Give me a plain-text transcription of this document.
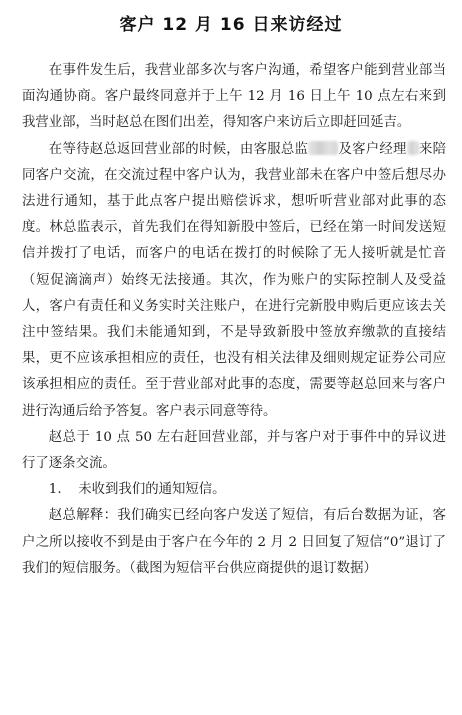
客户 12 月 16 日来访经过

在事件发生后，我营业部多次与客户沟通，希望客户能到营业部当面沟通协商。客户最终同意并于上午 12 月 16 日上午 10 点左右来到我营业部，当时赵总在图们出差，得知客户来访后立即赶回延吉。

在等待赵总返回营业部的时候，由客服总监 及客户经理 来陪同客户交流，在交流过程中客户认为，我营业部未在客户中签后想尽办法进行通知，基于此点客户提出赔偿诉求，想听听营业部对此事的态度。林总监表示，首先我们在得知新股中签后，已经在第一时间发送短信并拨打了电话，而客户的电话在拨打的时候除了无人接听就是忙音（短促滴滴声）始终无法接通。其次，作为账户的实际控制人及受益人，客户有责任和义务实时关注账户，在进行完新股申购后更应该去关注中签结果。我们未能通知到，不是导致新股中签放弃缴款的直接结果，更不应该承担相应的责任，也没有相关法律及细则规定证券公司应该承担相应的责任。至于营业部对此事的态度，需要等赵总回来与客户进行沟通后给予答复。客户表示同意等待。

赵总于 10 点 50 左右赶回营业部，并与客户对于事件中的异议进行了逐条交流。

1. 未收到我们的通知短信。

赵总解释：我们确实已经向客户发送了短信，有后台数据为证，客户之所以接收不到是由于客户在今年的 2 月 2 日回复了短信“0”退订了我们的短信服务。（截图为短信平台供应商提供的退订数据）
